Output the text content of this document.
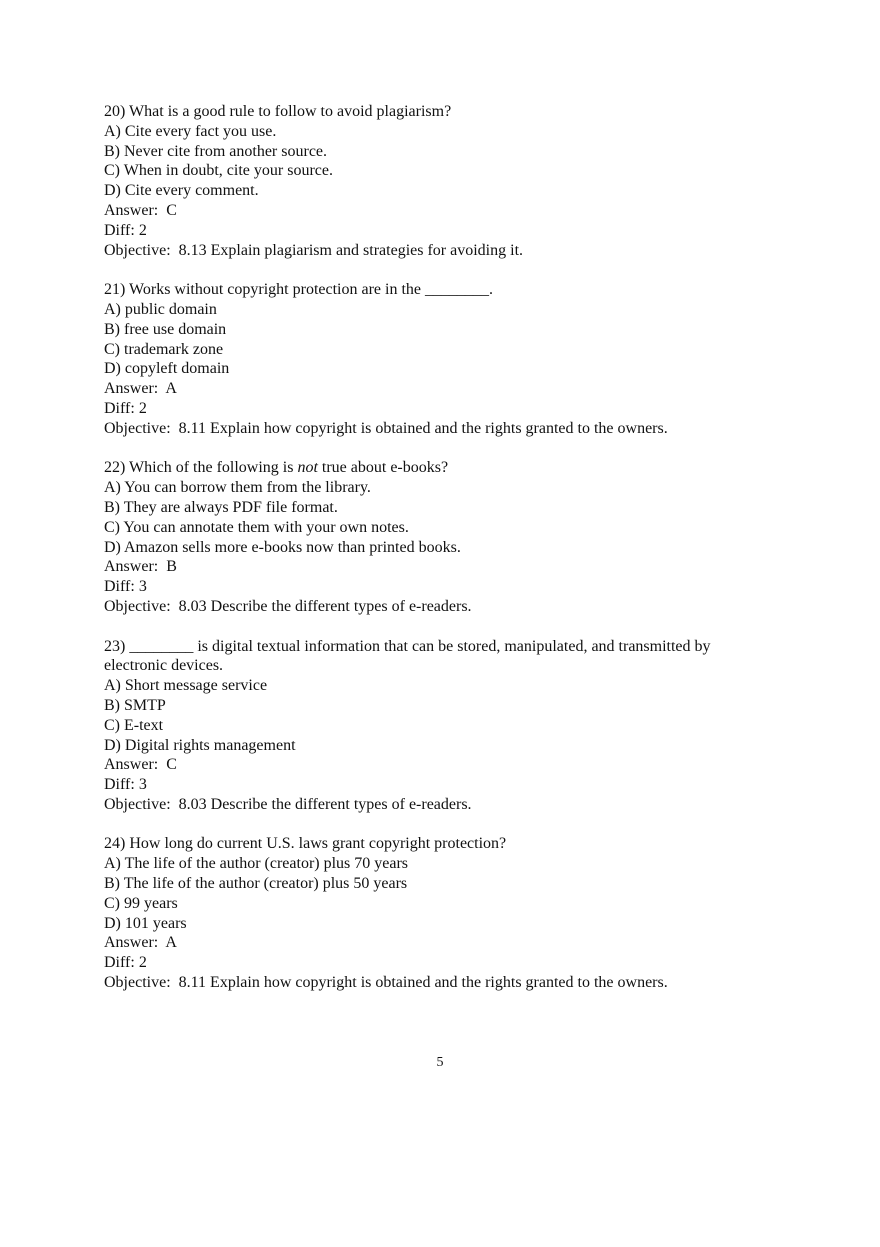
20) What is a good rule to follow to avoid plagiarism?
A) Cite every fact you use.
B) Never cite from another source.
C) When in doubt, cite your source.
D) Cite every comment.
Answer:  C
Diff: 2
Objective:  8.13 Explain plagiarism and strategies for avoiding it.
21) Works without copyright protection are in the ________.
A) public domain
B) free use domain
C) trademark zone
D) copyleft domain
Answer:  A
Diff: 2
Objective:  8.11 Explain how copyright is obtained and the rights granted to the owners.
22) Which of the following is not true about e-books?
A) You can borrow them from the library.
B) They are always PDF file format.
C) You can annotate them with your own notes.
D) Amazon sells more e-books now than printed books.
Answer:  B
Diff: 3
Objective:  8.03 Describe the different types of e-readers.
23) ________ is digital textual information that can be stored, manipulated, and transmitted by
electronic devices.
A) Short message service
B) SMTP
C) E-text
D) Digital rights management
Answer:  C
Diff: 3
Objective:  8.03 Describe the different types of e-readers.
24) How long do current U.S. laws grant copyright protection?
A) The life of the author (creator) plus 70 years
B) The life of the author (creator) plus 50 years
C) 99 years
D) 101 years
Answer:  A
Diff: 2
Objective:  8.11 Explain how copyright is obtained and the rights granted to the owners.
5
